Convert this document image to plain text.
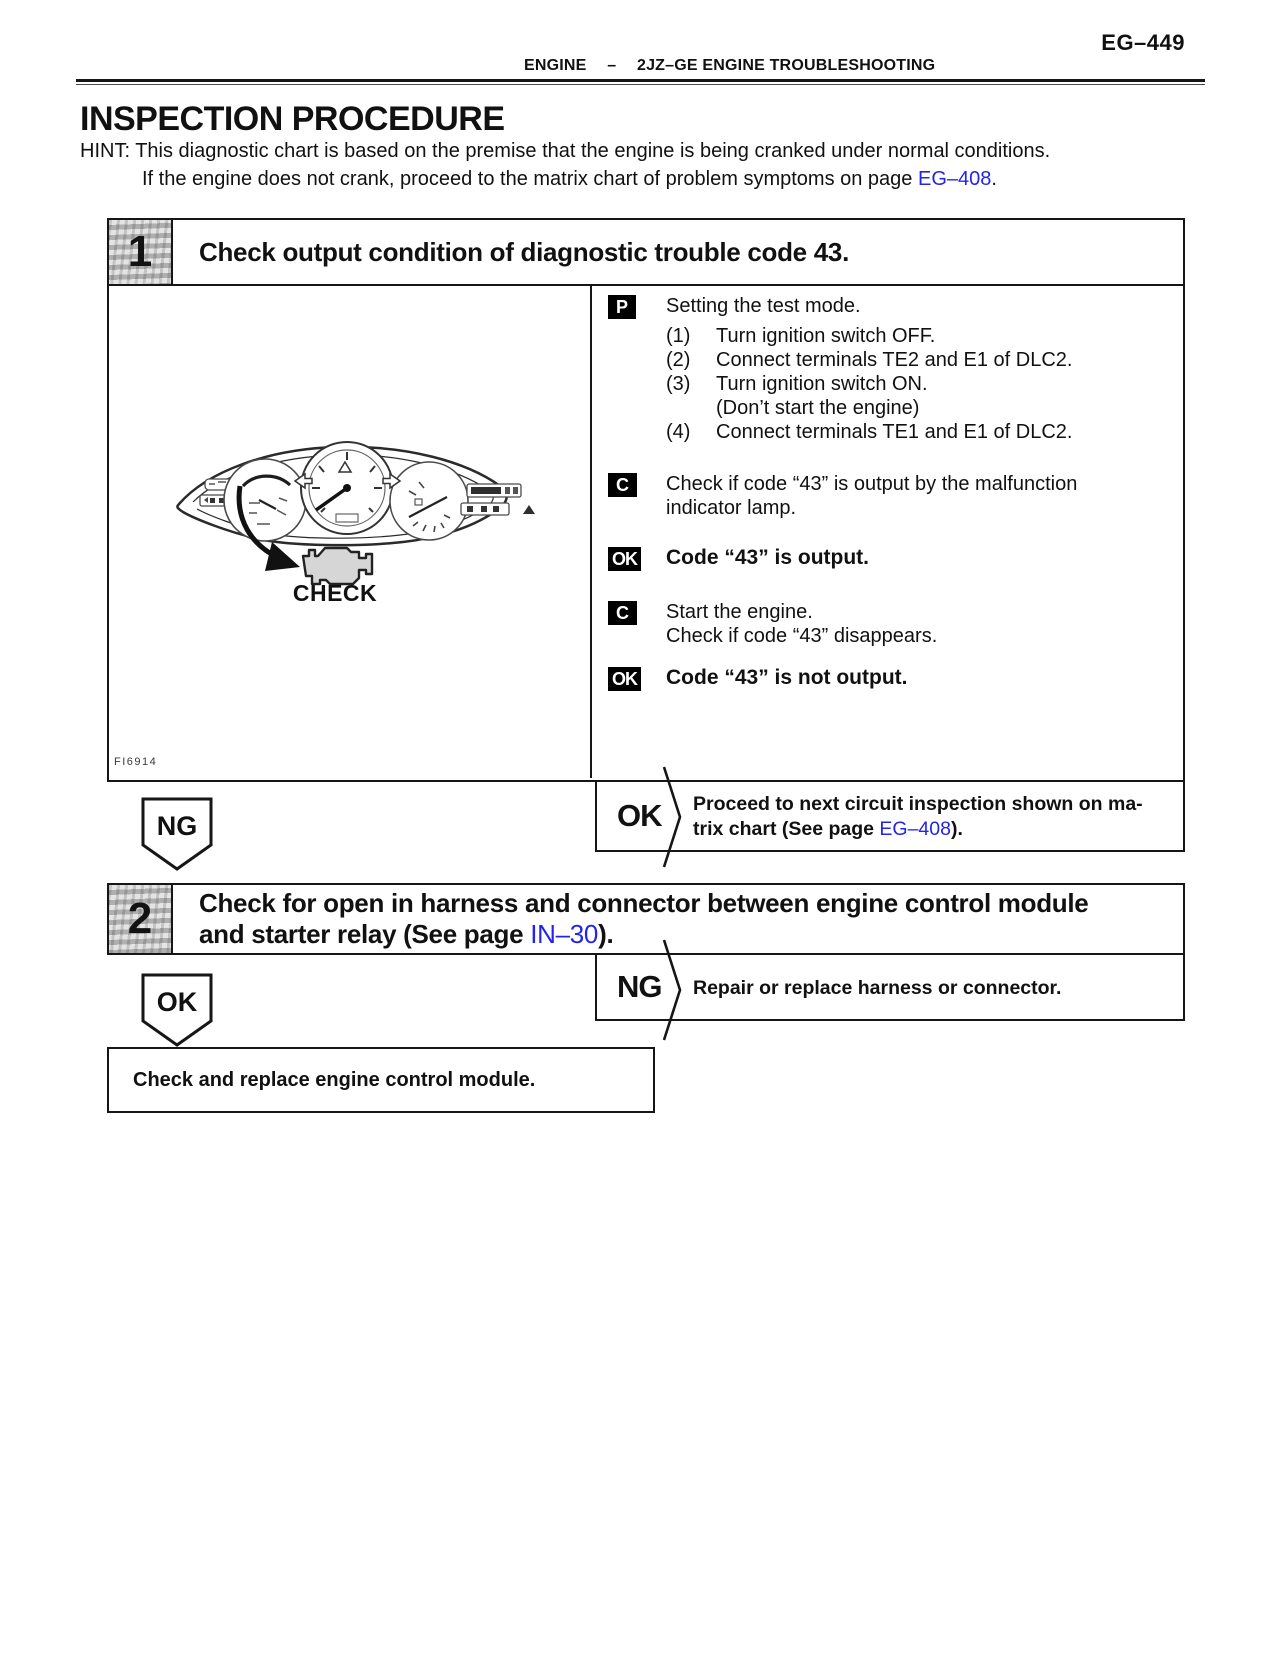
EG–449
ENGINE – 2JZ–GE ENGINE TROUBLESHOOTING
INSPECTION PROCEDURE
HINT: This diagnostic chart is based on the premise that the engine is being cranked under normal conditions.
If the engine does not crank, proceed to the matrix chart of problem symptoms on page EG–408.
1	Check output condition of diagnostic trouble code 43.
CHECK
FI6914
P	Setting the test mode.
(1)	Turn ignition switch OFF.
(2)	Connect terminals TE2 and E1 of DLC2.
(3)	Turn ignition switch ON.
(Don’t start the engine)
(4)	Connect terminals TE1 and E1 of DLC2.
C	Check if code “43” is output by the malfunction
indicator lamp.
OK	Code “43” is output.
C	Start the engine.
Check if code “43” disappears.
OK	Code “43” is not output.
NG	OK Proceed to next circuit inspection shown on ma-
trix chart (See page EG–408).
2	Check for open in harness and connector between engine control module
and starter relay (See page IN–30).
NG Repair or replace harness or connector.
OK
Check and replace engine control module.
